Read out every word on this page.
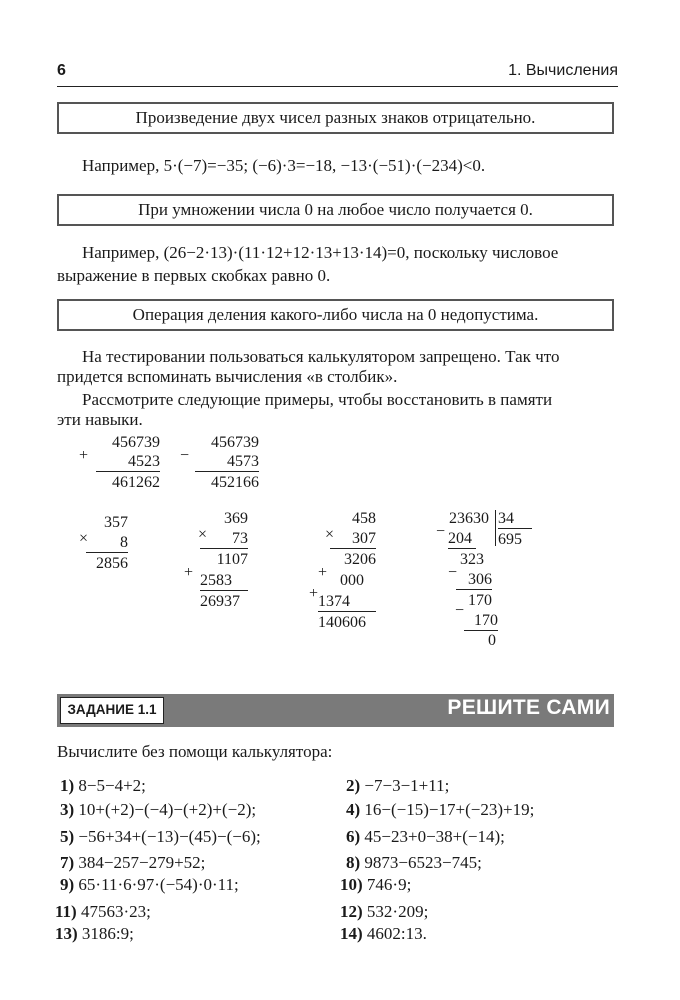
6	1. Вычисления
Произведение двух чисел разных знаков отрицательно.
Например, 5·(−7)=−35; (−6)·3=−18, −13·(−51)·(−234)<0.
При умножении числа 0 на любое число получается 0.
Например, (26−2·13)·(11·12+12·13+13·14)=0, поскольку числовое
выражение в первых скобках равно 0.
Операция деления какого-либо числа на 0 недопустима.
На тестировании пользоваться калькулятором запрещено. Так что
придется вспоминать вычисления «в столбик».
Рассмотрите следующие примеры, чтобы восстановить в памяти
эти навыки.
+
456739
4523
461262
−
456739
4573
452166
×
357
8
2856
×
369
73
1107
+ 2583
26937
×
458
307
3206
+ 000
+ 1374
140606
23630 34
695
− 204
323
− 306
170
−
170
0
ЗАДАНИЕ 1.1	РЕШИТЕ САМИ
Вычислите без помощи калькулятора:
1) 8−5−4+2;	2) −7−3−1+11;
3) 10+(+2)−(−4)−(+2)+(−2);	4) 16−(−15)−17+(−23)+19;
5) −56+34+(−13)−(45)−(−6);	6) 45−23+0−38+(−14);
7) 384−257−279+52;	8) 9873−6523−745;
9) 65·11·6·97·(−54)·0·11;	10) 746·9;
11) 47563·23;	12) 532·209;
13) 3186:9;	14) 4602:13.
